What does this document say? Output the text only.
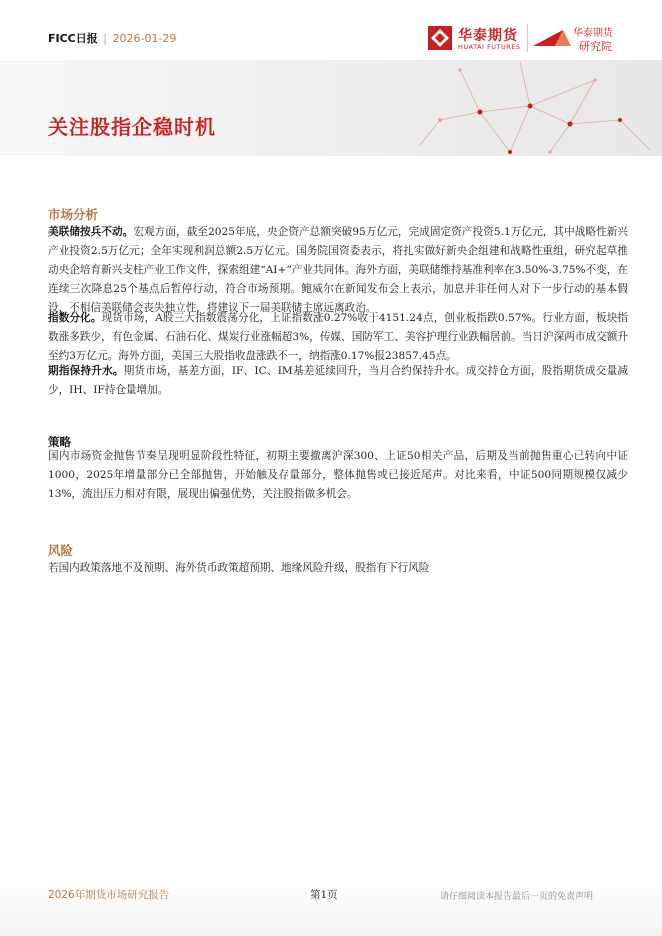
FICC日报 | 2026-01-29	华泰期货
HUATAI FUTURES
华泰期货
研究院
关注股指企稳时机
市场分析
美联储按兵不动。宏观方面，截至2025年底，央企资产总额突破95万亿元，完成固定资产投资5.1万亿元，其中战略性新兴产业投资2.5万亿元；全年实现利润总额2.5万亿元。国务院国资委表示，将扎实做好新央企组建和战略性重组，研究起草推动央企培育新兴支柱产业工作文件，探索组建“AI+”产业共同体。海外方面，美联储维持基准利率在3.50%-3.75%不变，在连续三次降息25个基点后暂停行动，符合市场预期。鲍威尔在新闻发布会上表示，加息并非任何人对下一步行动的基本假设，不相信美联储会丧失独立性，将建议下一届美联储主席远离政治。
指数分化。现货市场，A股三大指数震荡分化，上证指数涨0.27%收于4151.24点，创业板指跌0.57%。行业方面，板块指数涨多跌少，有色金属、石油石化、煤炭行业涨幅超3%，传媒、国防军工、美容护理行业跌幅居前。当日沪深两市成交额升至约3万亿元。海外方面，美国三大股指收盘涨跌不一，纳指涨0.17%报23857.45点。
期指保持升水。期货市场，基差方面，IF、IC、IM基差延续回升，当月合约保持升水。成交持仓方面，股指期货成交量减少，IH、IF持仓量增加。
策略
国内市场资金抛售节奏呈现明显阶段性特征，初期主要撤离沪深300、上证50相关产品，后期及当前抛售重心已转向中证1000，2025年增量部分已全部抛售，开始触及存量部分，整体抛售或已接近尾声。对比来看，中证500同期规模仅减少13%，流出压力相对有限，展现出偏强优势，关注股指做多机会。
风险
若国内政策落地不及预期、海外货币政策超预期、地缘风险升级，股指有下行风险
2026年期货市场研究报告	第1页	请仔细阅读本报告最后一页的免责声明
